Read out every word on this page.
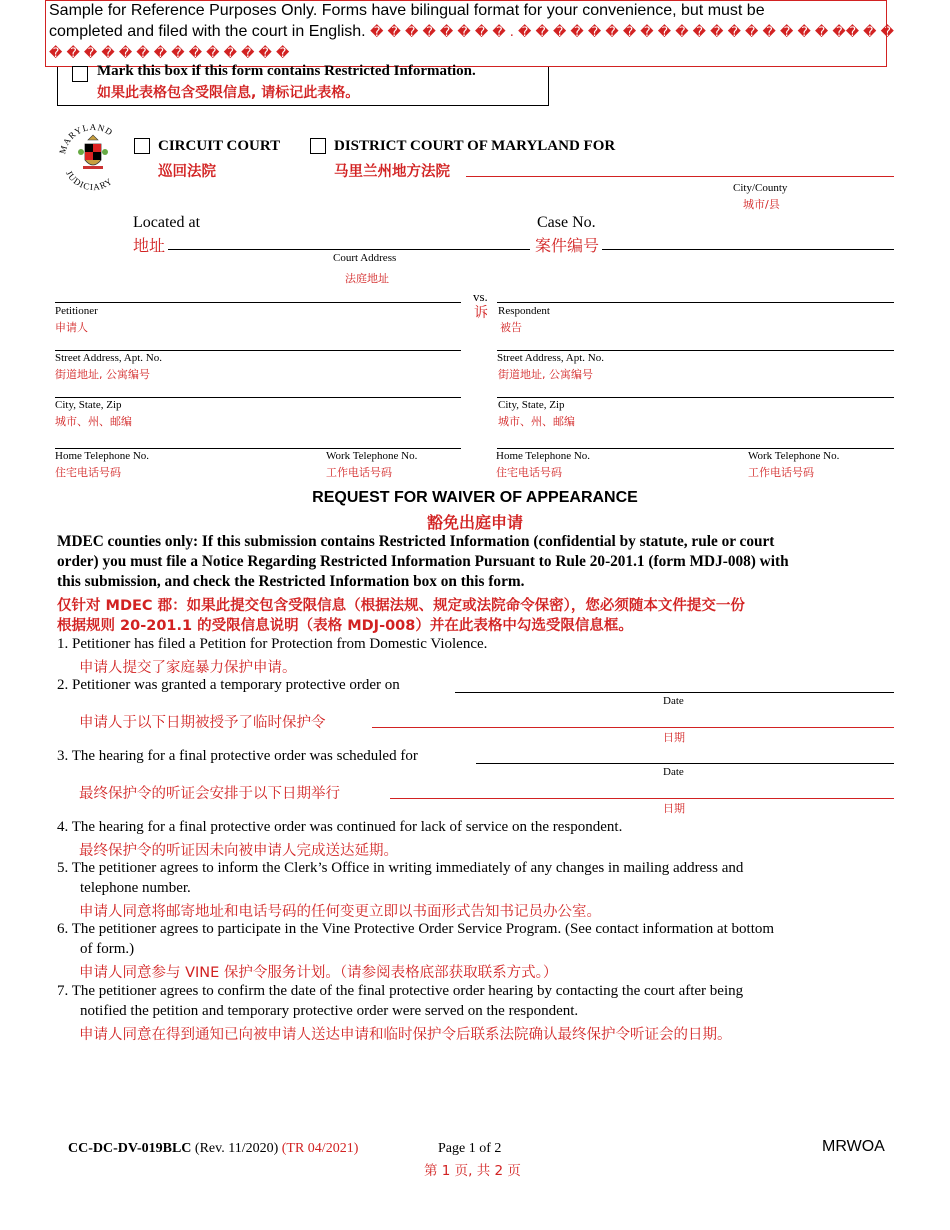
Sample for Reference Purposes Only. Forms have bilingual format for your convenience, but must be
completed and filed with the court in English. � � � � � � � � . � � � � � � � � � � � � � � � � � � �� � �
� � � � � � � � � � � � � �
Mark this box if this form contains Restricted Information.
如果此表格包含受限信息, 请标记此表格。
MARYLAND
JUDICIARY
CIRCUIT COURT
巡回法院
DISTRICT COURT OF MARYLAND FOR
马里兰州地方法院
City/County
城市/县
Located at
地址
Court Address
法庭地址
Case No.
案件编号
Petitioner
申请人
vs.
诉 Respondent
被告
Street Address, Apt. No.
街道地址, 公寓编号
Street Address, Apt. No.
街道地址, 公寓编号
City, State, Zip
城市、州、邮编
City, State, Zip
城市、州、邮编
Home Telephone No.
住宅电话号码
Work Telephone No.
工作电话号码
Home Telephone No.
住宅电话号码
Work Telephone No.
工作电话号码
REQUEST FOR WAIVER OF APPEARANCE
豁免出庭申请
MDEC counties only: If this submission contains Restricted Information (confidential by statute, rule or court
order) you must file a Notice Regarding Restricted Information Pursuant to Rule 20-201.1 (form MDJ-008) with
this submission, and check the Restricted Information box on this form.
仅针对 MDEC 郡：如果此提交包含受限信息（根据法规、规定或法院命令保密），您必须随本文件提交一份
根据规则 20-201.1 的受限信息说明（表格 MDJ-008）并在此表格中勾选受限信息框。
1. Petitioner has filed a Petition for Protection from Domestic Violence.
申请人提交了家庭暴力保护申请。
2. Petitioner was granted a temporary protective order on
Date
申请人于以下日期被授予了临时保护令
日期
3. The hearing for a final protective order was scheduled for
Date
最终保护令的听证会安排于以下日期举行
日期
4. The hearing for a final protective order was continued for lack of service on the respondent.
最终保护令的听证因未向被申请人完成送达延期。
5. The petitioner agrees to inform the Clerk’s Office in writing immediately of any changes in mailing address and
telephone number.
申请人同意将邮寄地址和电话号码的任何变更立即以书面形式告知书记员办公室。
6. The petitioner agrees to participate in the Vine Protective Order Service Program. (See contact information at bottom
of form.)
申请人同意参与 VINE 保护令服务计划。（请参阅表格底部获取联系方式。）
7. The petitioner agrees to confirm the date of the final protective order hearing by contacting the court after being
notified the petition and temporary protective order were served on the respondent.
申请人同意在得到通知已向被申请人送达申请和临时保护令后联系法院确认最终保护令听证会的日期。
CC-DC-DV-019BLC (Rev. 11/2020) (TR 04/2021)	Page 1 of 2
第 1 页, 共 2 页
MRWOA
